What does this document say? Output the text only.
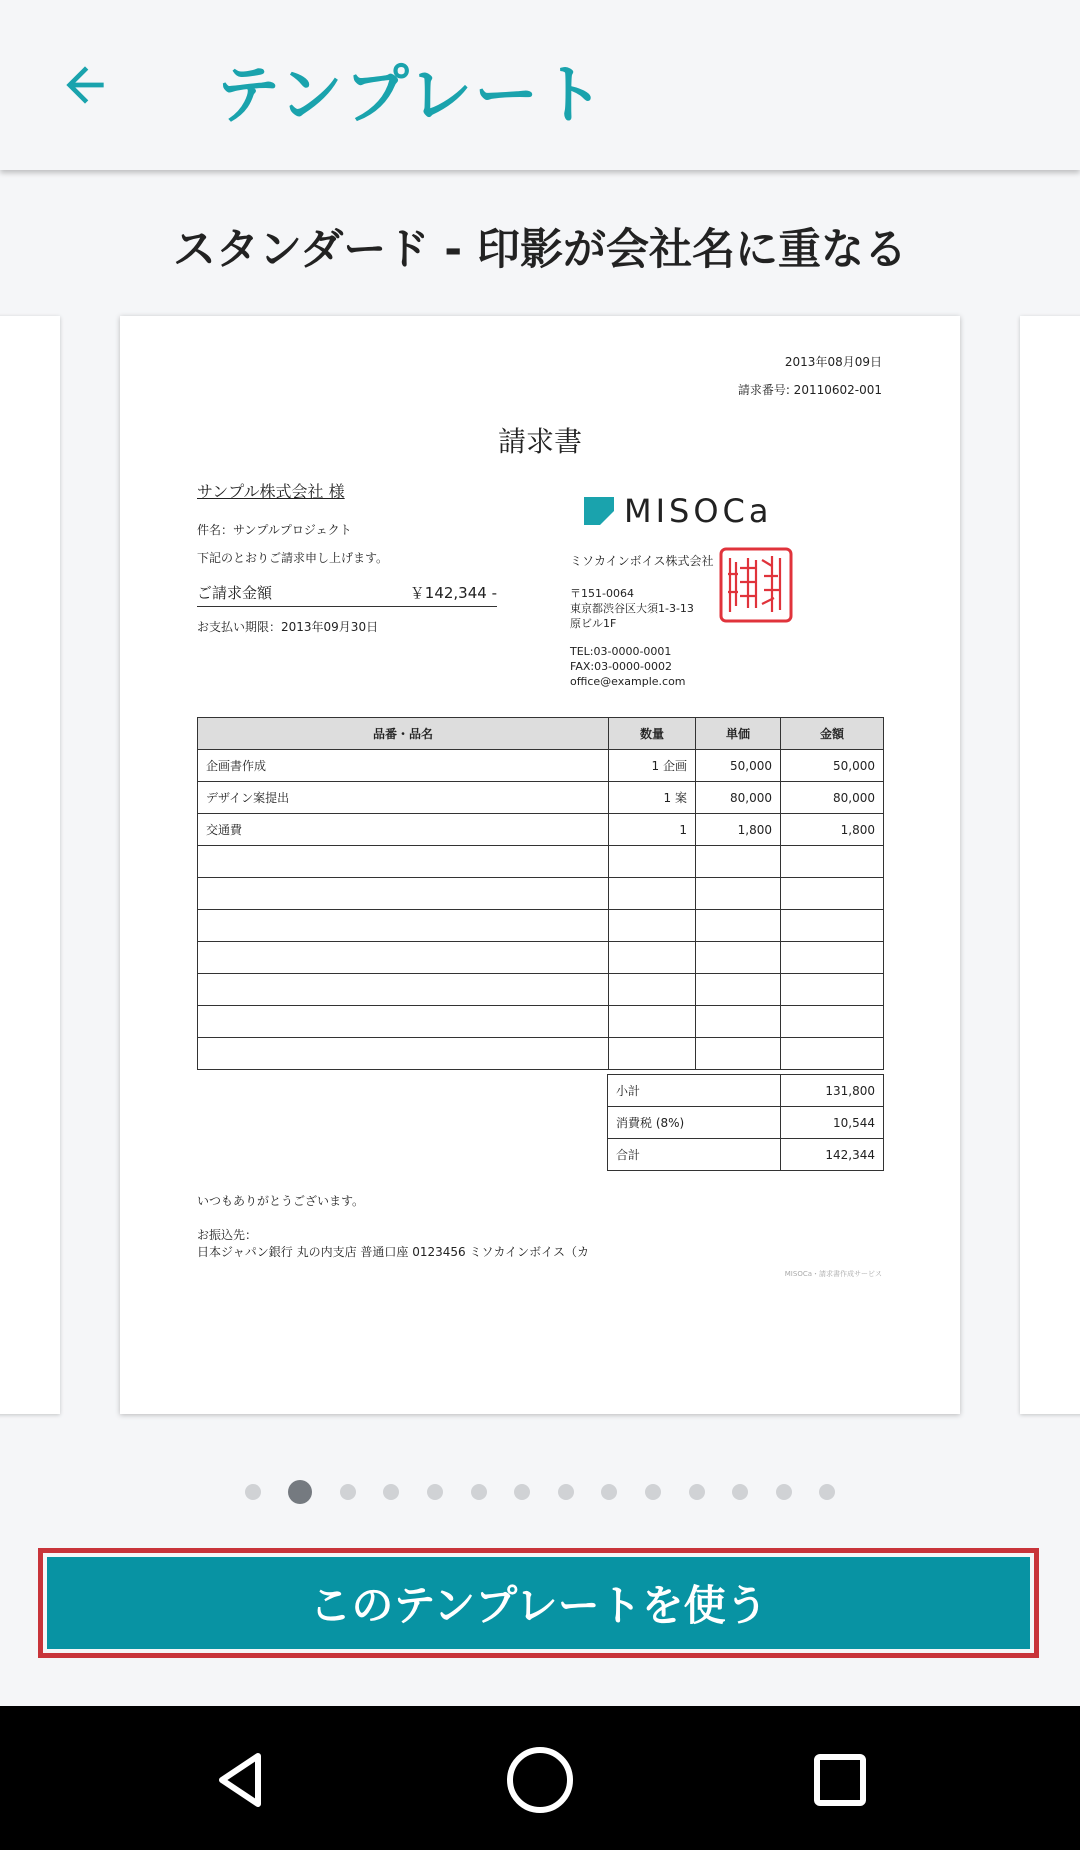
テンプレート
スタンダード - 印影が会社名に重なる
2013年08月09日
請求番号: 20110602-001
請求書
サンプル株式会社 様
件名：サンプルプロジェクト
下記のとおりご請求申し上げます。
ご請求金額	￥142,344 -
お支払い期限：2013年09月30日
MISOCa
ミソカインボイス株式会社
〒151-0064
東京都渋谷区大須1-3-13
原ビル1F
TEL:03-0000-0001
FAX:03-0000-0002
office@example.com
品番・品名	数量	単価	金額
企画書作成	1 企画	50,000	50,000
デザイン案提出	1 案	80,000	80,000
交通費	1	1,800	1,800

小計	131,800
消費税 (8%)	10,544
合計	142,344
いつもありがとうございます。
お振込先：
日本ジャパン銀行 丸の内支店 普通口座 0123456 ミソカインボイス（カ
MISOCa・請求書作成サービス
このテンプレートを使う
